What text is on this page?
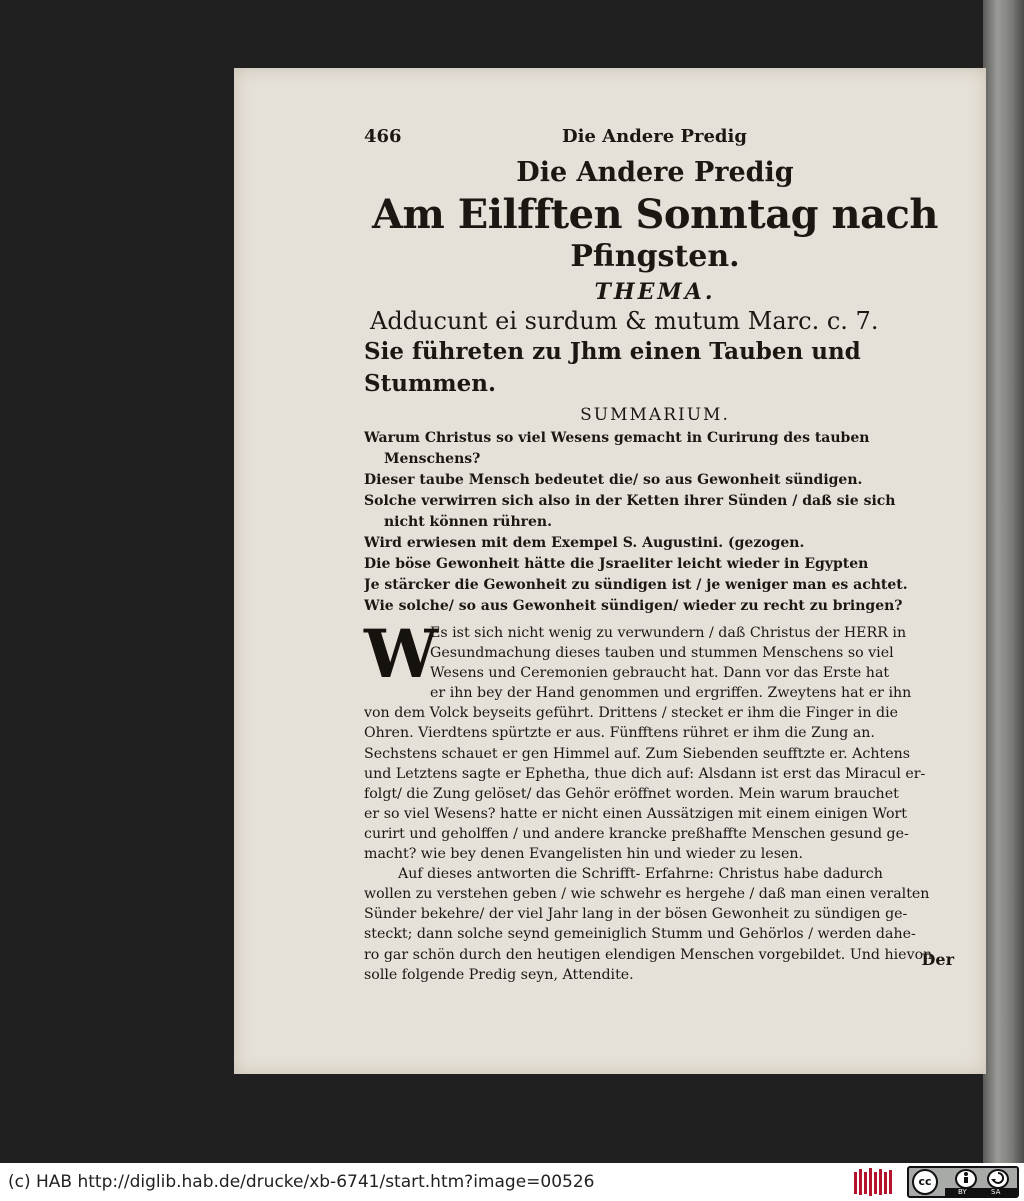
466	Die Andere Predig
Die Andere Predig
Am Eilfften Sonntag nach
Pfingsten.
THEMA.
Adducunt ei surdum & mutum Marc. c. 7.
Sie führeten zu Jhm einen Tauben und Stummen.
SUMMARIUM.
Warum Christus so viel Wesens gemacht in Curirung des tauben
Menschens?
Dieser taube Mensch bedeutet die/ so aus Gewonheit sündigen.
Solche verwirren sich also in der Ketten ihrer Sünden / daß sie sich
nicht können rühren.
Wird erwiesen mit dem Exempel S. Augustini. (gezogen.
Die böse Gewonheit hätte die Jsraeliter leicht wieder in Egypten
Je stärcker die Gewonheit zu sündigen ist / je weniger man es achtet.
Wie solche/ so aus Gewonheit sündigen/ wieder zu recht zu bringen?
W
Es ist sich nicht wenig zu verwundern / daß Christus der HERR in
Gesundmachung dieses tauben und stummen Menschens so viel
Wesens und Ceremonien gebraucht hat. Dann vor das Erste hat
er ihn bey der Hand genommen und ergriffen. Zweytens hat er ihn
von dem Volck beyseits geführt. Drittens / stecket er ihm die Finger in die
Ohren. Vierdtens spürtzte er aus. Fünfftens rühret er ihm die Zung an.
Sechstens schauet er gen Himmel auf. Zum Siebenden seufftzte er. Achtens
und Letztens sagte er Ephetha, thue dich auf: Alsdann ist erst das Miracul er-
folgt/ die Zung gelöset/ das Gehör eröffnet worden. Mein warum brauchet
er so viel Wesens? hatte er nicht einen Aussätzigen mit einem einigen Wort
curirt und geholffen / und andere krancke preßhaffte Menschen gesund ge-
macht? wie bey denen Evangelisten hin und wieder zu lesen.
Auf dieses antworten die Schrifft- Erfahrne: Christus habe dadurch
wollen zu verstehen geben / wie schwehr es hergehe / daß man einen veralten
Sünder bekehre/ der viel Jahr lang in der bösen Gewonheit zu sündigen ge-
steckt; dann solche seynd gemeiniglich Stumm und Gehörlos / werden dahe-
ro gar schön durch den heutigen elendigen Menschen vorgebildet. Und hievon
solle folgende Predig seyn, Attendite.
Der
(c) HAB http://diglib.hab.de/drucke/xb-6741/start.htm?image=00526	cc
BY	SA
